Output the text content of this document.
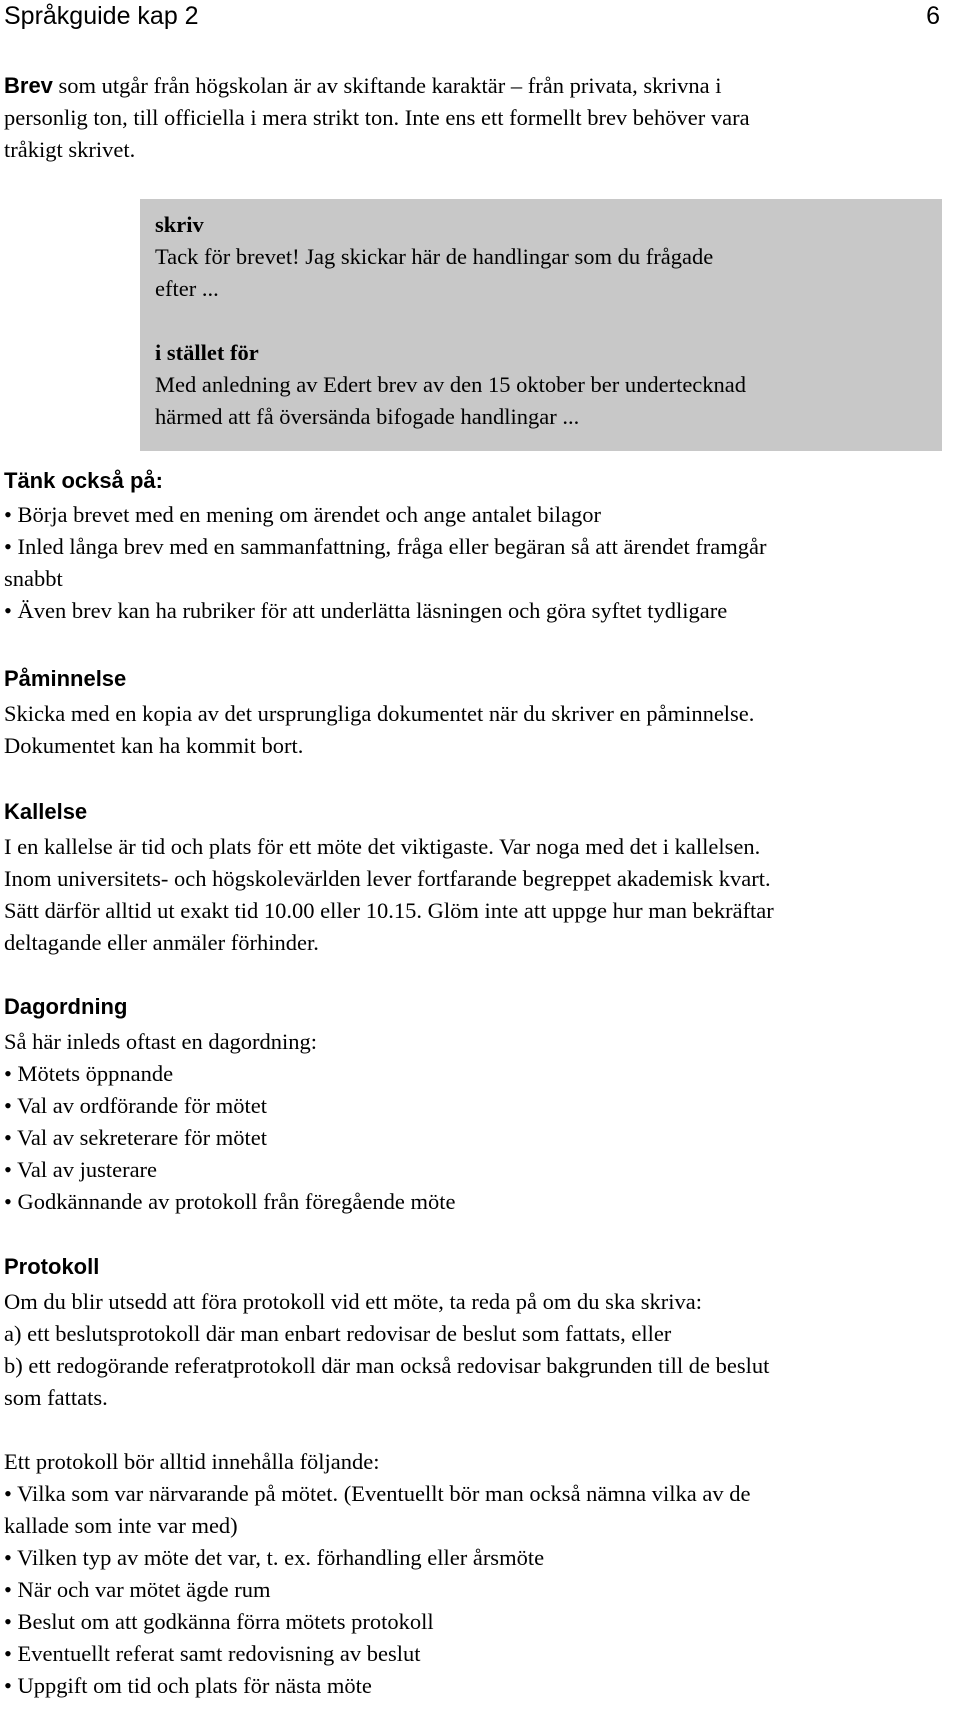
Språkguide kap 2	6

Brev som utgår från högskolan är av skiftande karaktär – från privata, skrivna i

personlig ton, till officiella i mera strikt ton. Inte ens ett formellt brev behöver vara

tråkigt skrivet.

skriv

Tack för brevet! Jag skickar här de handlingar som du frågade

efter ...

i stället för

Med anledning av Edert brev av den 15 oktober ber undertecknad

härmed att få översända bifogade handlingar ...

Tänk också på:

• Börja brevet med en mening om ärendet och ange antalet bilagor

• Inled långa brev med en sammanfattning, fråga eller begäran så att ärendet framgår

snabbt

• Även brev kan ha rubriker för att underlätta läsningen och göra syftet tydligare

Påminnelse

Skicka med en kopia av det ursprungliga dokumentet när du skriver en påminnelse.

Dokumentet kan ha kommit bort.

Kallelse

I en kallelse är tid och plats för ett möte det viktigaste. Var noga med det i kallelsen.

Inom universitets- och högskolevärlden lever fortfarande begreppet akademisk kvart.

Sätt därför alltid ut exakt tid 10.00 eller 10.15. Glöm inte att uppge hur man bekräftar

deltagande eller anmäler förhinder.

Dagordning

Så här inleds oftast en dagordning:

• Mötets öppnande

• Val av ordförande för mötet

• Val av sekreterare för mötet

• Val av justerare

• Godkännande av protokoll från föregående möte

Protokoll

Om du blir utsedd att föra protokoll vid ett möte, ta reda på om du ska skriva:

a) ett beslutsprotokoll där man enbart redovisar de beslut som fattats, eller

b) ett redogörande referatprotokoll där man också redovisar bakgrunden till de beslut

som fattats.

Ett protokoll bör alltid innehålla följande:

• Vilka som var närvarande på mötet. (Eventuellt bör man också nämna vilka av de

kallade som inte var med)

• Vilken typ av möte det var, t. ex. förhandling eller årsmöte

• När och var mötet ägde rum

• Beslut om att godkänna förra mötets protokoll

• Eventuellt referat samt redovisning av beslut

• Uppgift om tid och plats för nästa möte
